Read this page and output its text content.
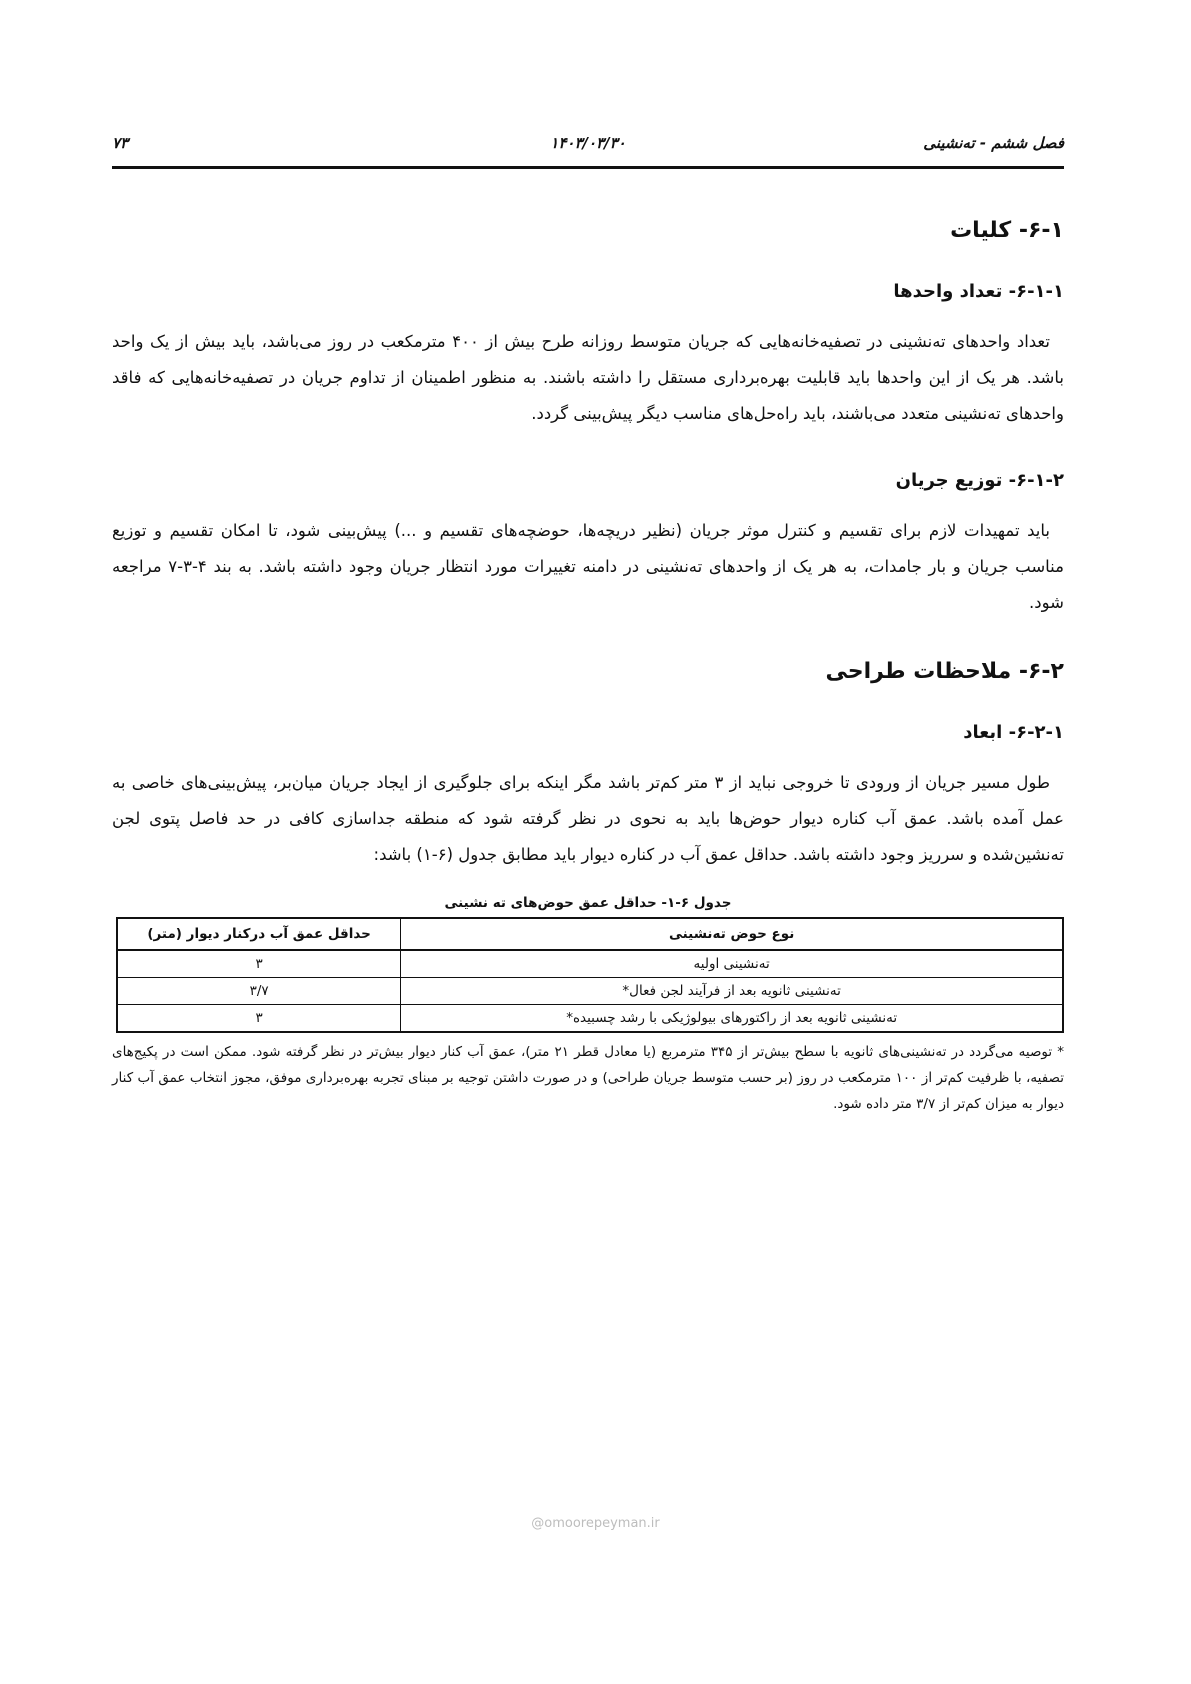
فصل ششم - ته‌نشینی
۱۴۰۳/۰۳/۳۰
۷۳
۶-۱- کلیات
۶-۱-۱- تعداد واحدها

تعداد واحدهای ته‌نشینی در تصفیه‌خانه‌هایی که جریان متوسط روزانه طرح بیش از ۴۰۰ مترمکعب در روز می‌باشد، باید بیش از یک واحد باشد. هر یک از این واحدها باید قابلیت بهره‌برداری مستقل را داشته باشند. به منظور اطمینان از تداوم جریان در تصفیه‌خانه‌هایی که فاقد واحدهای ته‌نشینی متعدد می‌باشند، باید راه‌حل‌های مناسب دیگر پیش‌بینی گردد.

۶-۱-۲- توزیع جریان

باید تمهیدات لازم برای تقسیم و کنترل موثر جریان (نظیر دریچه‌ها، حوضچه‌های تقسیم و ...) پیش‌بینی شود، تا امکان تقسیم و توزیع مناسب جریان و بار جامدات، به هر یک از واحدهای ته‌نشینی در دامنه تغییرات مورد انتظار جریان وجود داشته باشد. به بند ۴-۳-۷ مراجعه شود.

۶-۲- ملاحظات طراحی
۶-۲-۱- ابعاد

طول مسیر جریان از ورودی تا خروجی نباید از ۳ متر کم‌تر باشد مگر اینکه برای جلوگیری از ایجاد جریان میان‌بر، پیش‌بینی‌های خاصی به عمل آمده باشد. عمق آب کناره دیوار حوض‌ها باید به نحوی در نظر گرفته شود که منطقه جداسازی کافی در حد فاصل پتوی لجن ته‌نشین‌شده و سرریز وجود داشته باشد. حداقل عمق آب در کناره دیوار باید مطابق جدول (۶-۱) باشد:

جدول ۶-۱- حداقل عمق حوض‌های ته نشینی
نوع حوض ته‌نشینی	حداقل عمق آب درکنار دیوار (متر)
ته‌نشینی اولیه	۳
ته‌نشینی ثانویه بعد از فرآیند لجن فعال*	۳/۷
ته‌نشینی ثانویه بعد از راکتورهای بیولوژیکی با رشد چسبیده*	۳

* توصیه می‌گردد در ته‌نشینی‌های ثانویه با سطح بیش‌تر از ۳۴۵ مترمربع (یا معادل قطر ۲۱ متر)، عمق آب کنار دیوار بیش‌تر در نظر گرفته شود. ممکن است در پکیج‌های تصفیه، با ظرفیت کم‌تر از ۱۰۰ مترمکعب در روز (بر حسب متوسط جریان طراحی) و در صورت داشتن توجیه بر مبنای تجربه بهره‌برداری موفق، مجوز انتخاب عمق آب کنار دیوار به میزان کم‌تر از ۳/۷ متر داده شود.

@omoorepeyman.ir
